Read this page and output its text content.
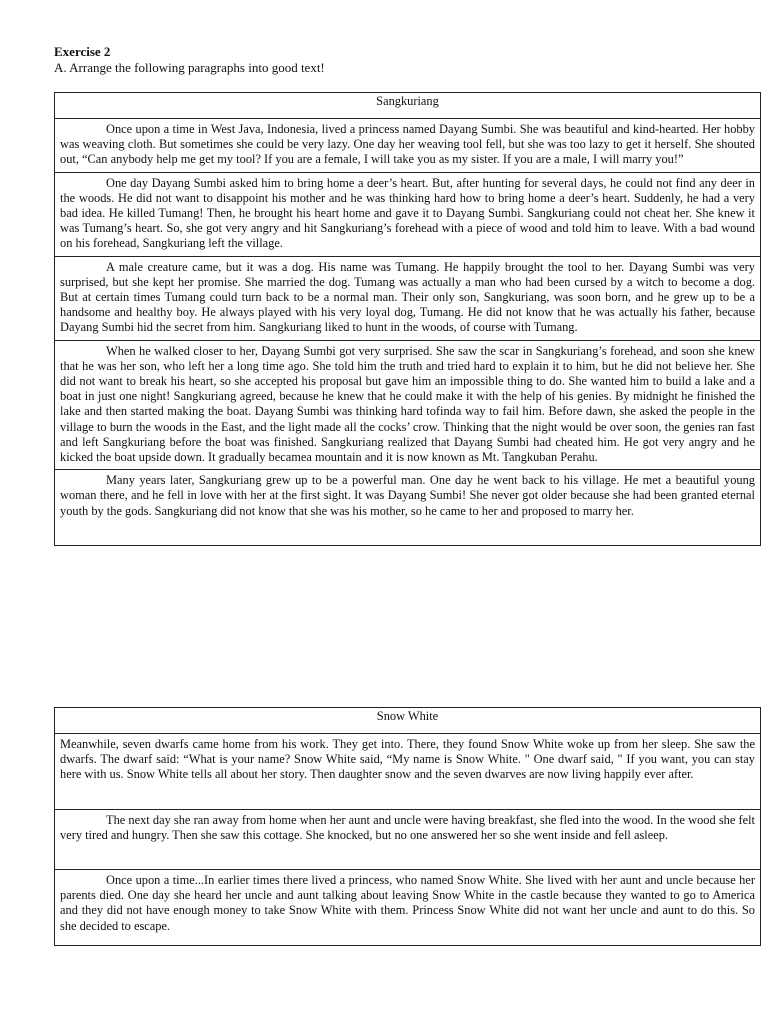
Exercise 2
A. Arrange the following paragraphs into good text!
Sangkuriang

Once upon a time in West Java, Indonesia, lived a princess named Dayang Sumbi. She was beautiful and kind-hearted. Her hobby was weaving cloth. But sometimes she could be very lazy. One day her weaving tool fell, but she was too lazy to get it herself. She shouted out, “Can anybody help me get my tool? If you are a female, I will take you as my sister. If you are a male, I will marry you!”

One day Dayang Sumbi asked him to bring home a deer’s heart. But, after hunting for several days, he could not find any deer in the woods. He did not want to disappoint his mother and he was thinking hard how to bring home a deer’s heart. Suddenly, he had a very bad idea. He killed Tumang! Then, he brought his heart home and gave it to Dayang Sumbi. Sangkuriang could not cheat her. She knew it was Tumang’s heart. So, she got very angry and hit Sangkuriang’s forehead with a piece of wood and told him to leave. With a bad wound on his forehead, Sangkuriang left the village.

A male creature came, but it was a dog. His name was Tumang. He happily brought the tool to her. Dayang Sumbi was very surprised, but she kept her promise. She married the dog. Tumang was actually a man who had been cursed by a witch to become a dog. But at certain times Tumang could turn back to be a normal man. Their only son, Sangkuriang, was soon born, and he grew up to be a handsome and healthy boy. He always played with his very loyal dog, Tumang. He did not know that he was actually his father, because Dayang Sumbi hid the secret from him. Sangkuriang liked to hunt in the woods, of course with Tumang.

When he walked closer to her, Dayang Sumbi got very surprised. She saw the scar in Sangkuriang’s forehead, and soon she knew that he was her son, who left her a long time ago. She told him the truth and tried hard to explain it to him, but he did not believe her. She did not want to break his heart, so she accepted his proposal but gave him an impossible thing to do. She wanted him to build a lake and a boat in just one night! Sangkuriang agreed, because he knew that he could make it with the help of his genies. By midnight he finished the lake and then started making the boat. Dayang Sumbi was thinking hard tofinda way to fail him. Before dawn, she asked the people in the village to burn the woods in the East, and the light made all the cocks’ crow. Thinking that the night would be over soon, the genies ran fast and left Sangkuriang before the boat was finished. Sangkuriang realized that Dayang Sumbi had cheated him. He got very angry and he kicked the boat upside down. It gradually becamea mountain and it is now known as Mt. Tangkuban Perahu.

Many years later, Sangkuriang grew up to be a powerful man. One day he went back to his village. He met a beautiful young woman there, and he fell in love with her at the first sight. It was Dayang Sumbi! She never got older because she had been granted eternal youth by the gods. Sangkuriang did not know that she was his mother, so he came to her and proposed to marry her.

Snow White

Meanwhile, seven dwarfs came home from his work. They get into. There, they found Snow White woke up from her sleep. She saw the dwarfs. The dwarf said: “What is your name? Snow White said, “My name is Snow White. " One dwarf said, " If you want, you can stay here with us. Snow White tells all about her story. Then daughter snow and the seven dwarves are now living happily ever after.

The next day she ran away from home when her aunt and uncle were having breakfast, she fled into the wood. In the wood she felt very tired and hungry. Then she saw this cottage. She knocked, but no one answered her so she went inside and fell asleep.

Once upon a time...In earlier times there lived a princess, who named Snow White. She lived with her aunt and uncle because her parents died. One day she heard her uncle and aunt talking about leaving Snow White in the castle because they wanted to go to America and they did not have enough money to take Snow White with them. Princess Snow White did not want her uncle and aunt to do this. So she decided to escape.
